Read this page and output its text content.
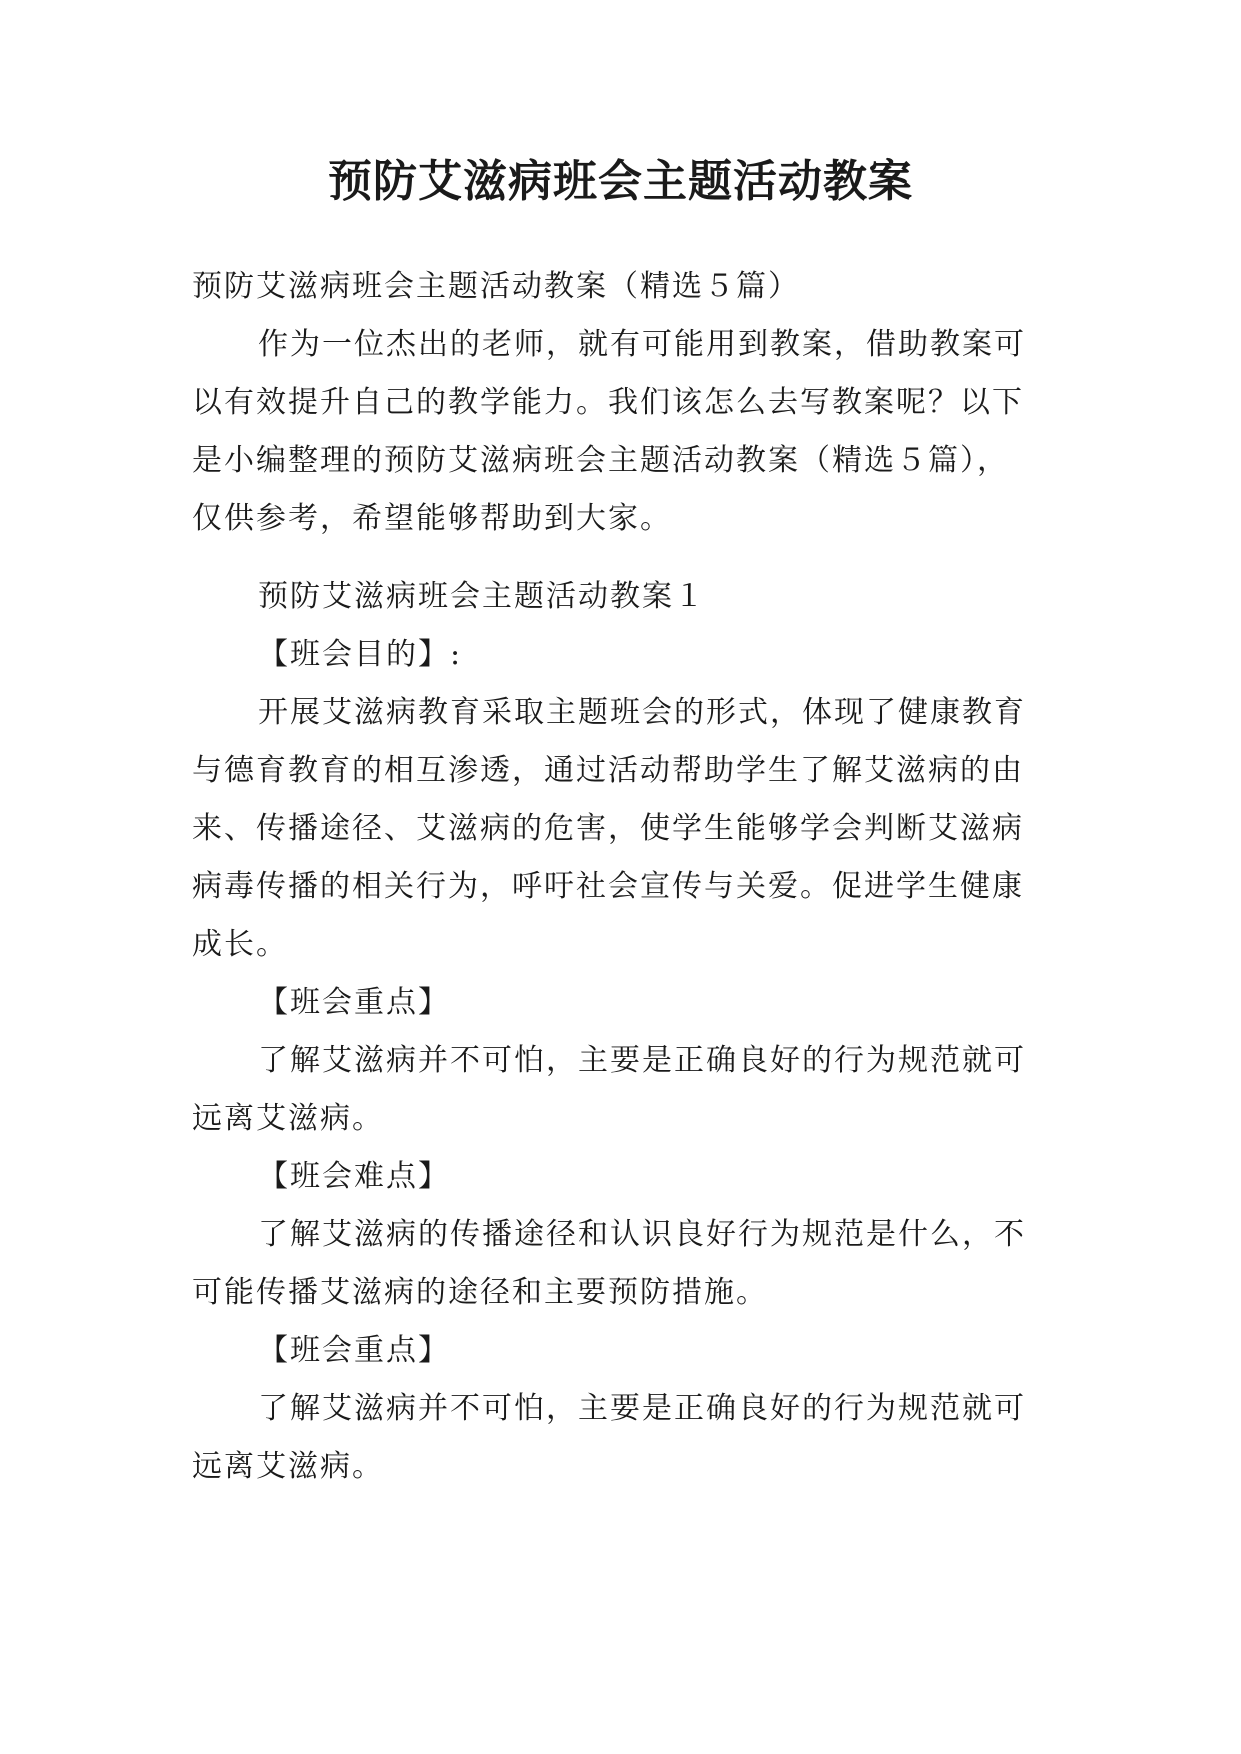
预防艾滋病班会主题活动教案
预防艾滋病班会主题活动教案（精选５篇）
作为一位杰出的老师，就有可能用到教案，借助教案可
以有效提升自己的教学能力。我们该怎么去写教案呢？以下
是小编整理的预防艾滋病班会主题活动教案（精选５篇），
仅供参考，希望能够帮助到大家。
预防艾滋病班会主题活动教案１
【班会目的】:
开展艾滋病教育采取主题班会的形式，体现了健康教育
与德育教育的相互渗透，通过活动帮助学生了解艾滋病的由
来、传播途径、艾滋病的危害，使学生能够学会判断艾滋病
病毒传播的相关行为，呼吁社会宣传与关爱。促进学生健康
成长。
【班会重点】
了解艾滋病并不可怕，主要是正确良好的行为规范就可
远离艾滋病。
【班会难点】
了解艾滋病的传播途径和认识良好行为规范是什么，不
可能传播艾滋病的途径和主要预防措施。
【班会重点】
了解艾滋病并不可怕，主要是正确良好的行为规范就可
远离艾滋病。
